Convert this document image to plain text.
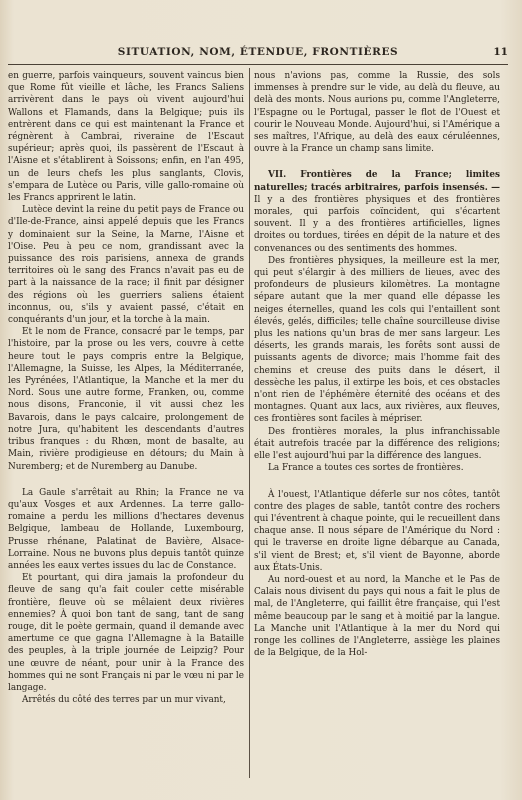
SITUATION, NOM, ÉTENDUE, FRONTIÈRES	11

en guerre, parfois vainqueurs, souvent vaincus bien que Rome fût vieille et lâche, les Francs Saliens arrivèrent dans le pays où vivent aujourd'hui Wallons et Flamands, dans la Belgique; puis ils entrèrent dans ce qui est maintenant la France et régnèrent à Cambrai, riveraine de l'Escaut supérieur; après quoi, ils passèrent de l'Escaut à l'Aisne et s'établirent à Soissons; enfin, en l'an 495, un de leurs chefs les plus sanglants, Clovis, s'empara de Lutèce ou Paris, ville gallo-romaine où les Francs apprirent le latin.

Lutèce devint la reine du petit pays de France ou d'Ile-de-France, ainsi appelé depuis que les Francs y dominaient sur la Seine, la Marne, l'Aisne et l'Oise. Peu à peu ce nom, grandissant avec la puissance des rois parisiens, annexa de grands territoires où le sang des Francs n'avait pas eu de part à la naissance de la race; il finit par désigner des régions où les guerriers saliens étaient inconnus, ou, s'ils y avaient passé, c'était en conquérants d'un jour, et la torche à la main.

Et le nom de France, consacré par le temps, par l'histoire, par la prose ou les vers, couvre à cette heure tout le pays compris entre la Belgique, l'Allemagne, la Suisse, les Alpes, la Méditerranée, les Pyrénées, l'Atlantique, la Manche et la mer du Nord. Sous une autre forme, Franken, ou, comme nous disons, Franconie, il vit aussi chez les Bavarois, dans le pays calcaire, prolongement de notre Jura, qu'habitent les descendants d'autres tribus franques : du Rhœn, mont de basalte, au Main, rivière prodigieuse en détours; du Main à Nuremberg; et de Nuremberg au Danube.

La Gaule s'arrêtait au Rhin; la France ne va qu'aux Vosges et aux Ardennes. La terre gallo-romaine a perdu les millions d'hectares devenus Belgique, lambeau de Hollande, Luxembourg, Prusse rhénane, Palatinat de Bavière, Alsace-Lorraine. Nous ne buvons plus depuis tantôt quinze années les eaux vertes issues du lac de Constance.

Et pourtant, qui dira jamais la profondeur du fleuve de sang qu'a fait couler cette misérable frontière, fleuve où se mêlaient deux rivières ennemies? À quoi bon tant de sang, tant de sang rouge, dit le poète germain, quand il demande avec amertume ce que gagna l'Allemagne à la Bataille des peuples, à la triple journée de Leipzig? Pour une œuvre de néant, pour unir à la France des hommes qui ne sont Français ni par le vœu ni par le langage.

Arrêtés du côté des terres par un mur vivant,

nous n'avions pas, comme la Russie, des sols immenses à prendre sur le vide, au delà du fleuve, au delà des monts. Nous aurions pu, comme l'Angleterre, l'Espagne ou le Portugal, passer le flot de l'Ouest et courir le Nouveau Monde. Aujourd'hui, si l'Amérique a ses maîtres, l'Afrique, au delà des eaux céruléennes, ouvre à la France un champ sans limite.

VII. Frontières de la France; limites naturelles; tracés arbitraires, parfois insensés. — Il y a des frontières physiques et des frontières morales, qui parfois coïncident, qui s'écartent souvent. Il y a des frontières artificielles, lignes droites ou tordues, tirées en dépit de la nature et des convenances ou des sentiments des hommes.

Des frontières physiques, la meilleure est la mer, qui peut s'élargir à des milliers de lieues, avec des profondeurs de plusieurs kilomètres. La montagne sépare autant que la mer quand elle dépasse les neiges éternelles, quand les cols qui l'entaillent sont élevés, gelés, difficiles; telle chaîne sourcilleuse divise plus les nations qu'un bras de mer sans largeur. Les déserts, les grands marais, les forêts sont aussi de puissants agents de divorce; mais l'homme fait des chemins et creuse des puits dans le désert, il dessèche les palus, il extirpe les bois, et ces obstacles n'ont rien de l'éphémère éternité des océans et des montagnes. Quant aux lacs, aux rivières, aux fleuves, ces frontières sont faciles à mépriser.

Des frontières morales, la plus infranchissable était autrefois tracée par la différence des religions; elle l'est aujourd'hui par la différence des langues.

La France a toutes ces sortes de frontières.

À l'ouest, l'Atlantique déferle sur nos côtes, tantôt contre des plages de sable, tantôt contre des rochers qui l'éventrent à chaque pointe, qui le recueillent dans chaque anse. Il nous sépare de l'Amérique du Nord : qui le traverse en droite ligne débarque au Canada, s'il vient de Brest; et, s'il vient de Bayonne, aborde aux États-Unis.

Au nord-ouest et au nord, la Manche et le Pas de Calais nous divisent du pays qui nous a fait le plus de mal, de l'Angleterre, qui faillit être française, qui l'est même beaucoup par le sang et à moitié par la langue. La Manche unit l'Atlantique à la mer du Nord qui ronge les collines de l'Angleterre, assiège les plaines de la Belgique, de la Hol-
